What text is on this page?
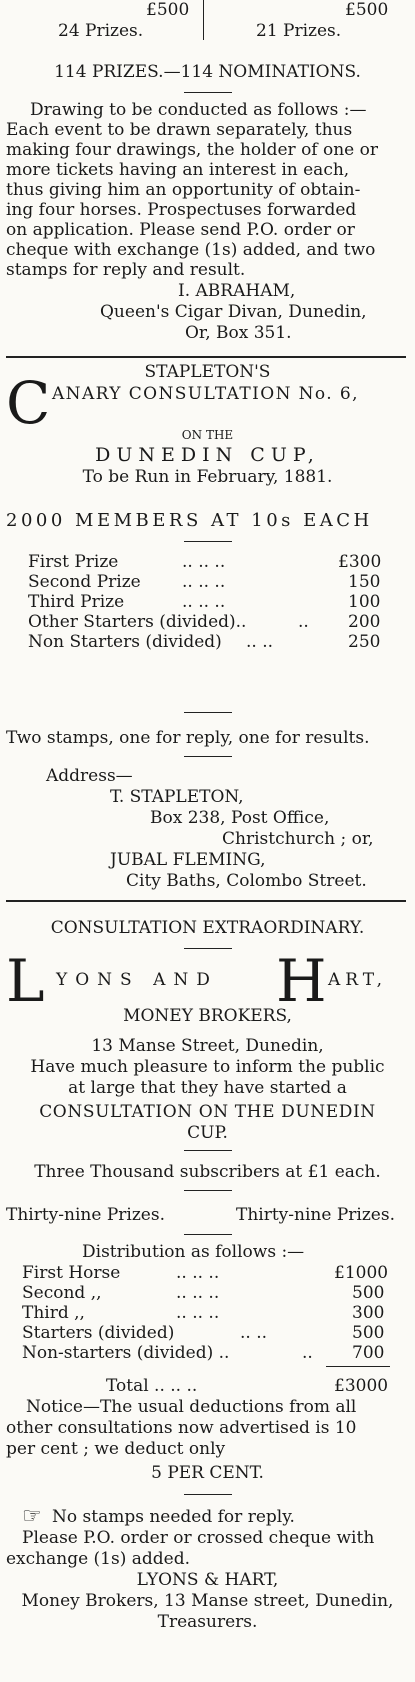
£500	£500
24 Prizes.	21 Prizes.
114 PRIZES.—114 NOMINATIONS.
Drawing to be conducted as follows :—
Each event to be drawn separately, thus
making four drawings, the holder of one or
more tickets having an interest in each,
thus giving him an opportunity of obtain-
ing four horses. Prospectuses forwarded
on application. Please send P.O. order or
cheque with exchange (1s) added, and two
stamps for reply and result.
I. ABRAHAM,
Queen's Cigar Divan, Dunedin,
Or, Box 351.
STAPLETON'S
C ANARY CONSULTATION No. 6,
ON THE
DUNEDIN CUP,
To be Run in February, 1881.
2000 MEMBERS AT 10s EACH
First Prize	.. .. ..	£300
Second Prize .. .. ..	150
Third Prize	.. .. ..	100
Other Starters (divided)..	.. 200
Non Starters (divided) .. ..	250
Two stamps, one for reply, one for results.
Address—
T. STAPLETON,
Box 238, Post Office,
Christchurch ; or,
JUBAL FLEMING,
City Baths, Colombo Street.
CONSULTATION EXTRAORDINARY.
L YONS AND H ART,
MONEY BROKERS,
13 Manse Street, Dunedin,
Have much pleasure to inform the public
at large that they have started a
CONSULTATION ON THE DUNEDIN
CUP.
Three Thousand subscribers at £1 each.
Thirty-nine Prizes.	Thirty-nine Prizes.
Distribution as follows :—
First Horse	.. .. ..	£1000
Second ,,	.. .. ..	500
Third ,,	.. .. ..	300
Starters (divided)	.. ..	500
Non-starters (divided) ..	.. 700
Total .. .. ..	£3000
Notice—The usual deductions from all
other consultations now advertised is 10
per cent ; we deduct only
5 PER CENT.
☞ No stamps needed for reply.
Please P.O. order or crossed cheque with
exchange (1s) added.
LYONS & HART,
Money Brokers, 13 Manse street, Dunedin,
Treasurers.
